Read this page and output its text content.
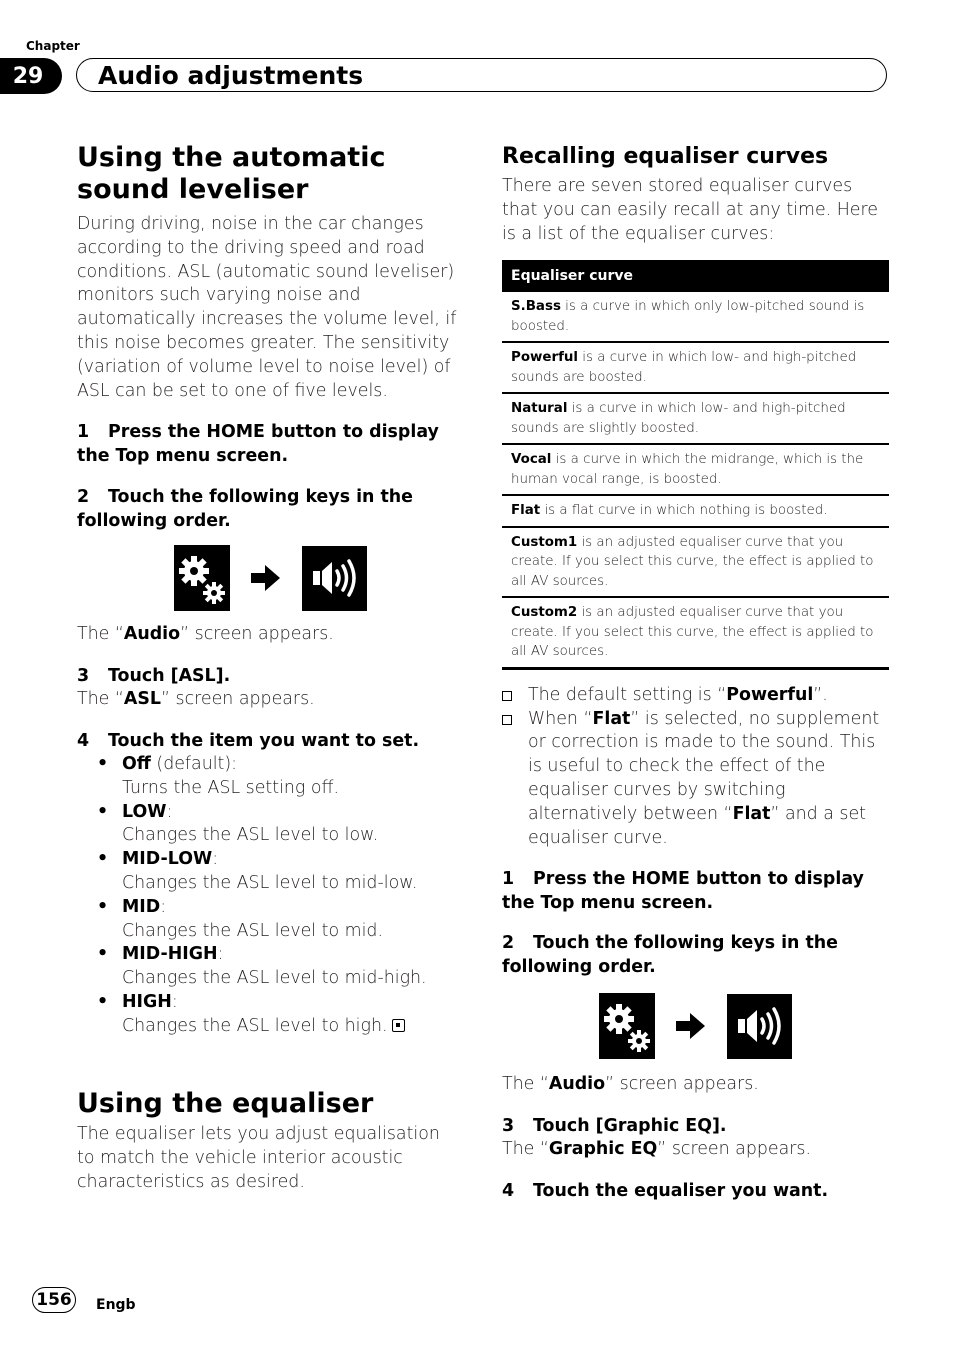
Chapter
29	Audio adjustments
Using the automatic sound leveliser
During driving, noise in the car changes according to the driving speed and road conditions. ASL (automatic sound leveliser) monitors such varying noise and automatically increases the volume level, if this noise becomes greater. The sensitivity (variation of volume level to noise level) of ASL can be set to one of five levels.
1 Press the HOME button to display the Top menu screen.
2 Touch the following keys in the following order.
The “Audio” screen appears.
3 Touch [ASL].
The “ASL” screen appears.
4 Touch the item you want to set.
• Off (default):
Turns the ASL setting off.
• LOW:
Changes the ASL level to low.
• MID-LOW:
Changes the ASL level to mid-low.
• MID:
Changes the ASL level to mid.
• MID-HIGH:
Changes the ASL level to mid-high.
• HIGH:
Changes the ASL level to high.
Using the equaliser
The equaliser lets you adjust equalisation to match the vehicle interior acoustic characteristics as desired.
Recalling equaliser curves
There are seven stored equaliser curves that you can easily recall at any time. Here is a list of the equaliser curves:
Equaliser curve
S.Bass is a curve in which only low-pitched sound is boosted.
Powerful is a curve in which low- and high-pitched sounds are boosted.
Natural is a curve in which low- and high-pitched sounds are slightly boosted.
Vocal is a curve in which the midrange, which is the human vocal range, is boosted.
Flat is a flat curve in which nothing is boosted.
Custom1 is an adjusted equaliser curve that you create. If you select this curve, the effect is applied to all AV sources.
Custom2 is an adjusted equaliser curve that you create. If you select this curve, the effect is applied to all AV sources.
The default setting is “Powerful”.
When “Flat” is selected, no supplement or correction is made to the sound. This is useful to check the effect of the equaliser curves by switching alternatively between “Flat” and a set equaliser curve.
1 Press the HOME button to display the Top menu screen.
2 Touch the following keys in the following order.
The “Audio” screen appears.
3 Touch [Graphic EQ].
The “Graphic EQ” screen appears.
4 Touch the equaliser you want.
156	Engb
